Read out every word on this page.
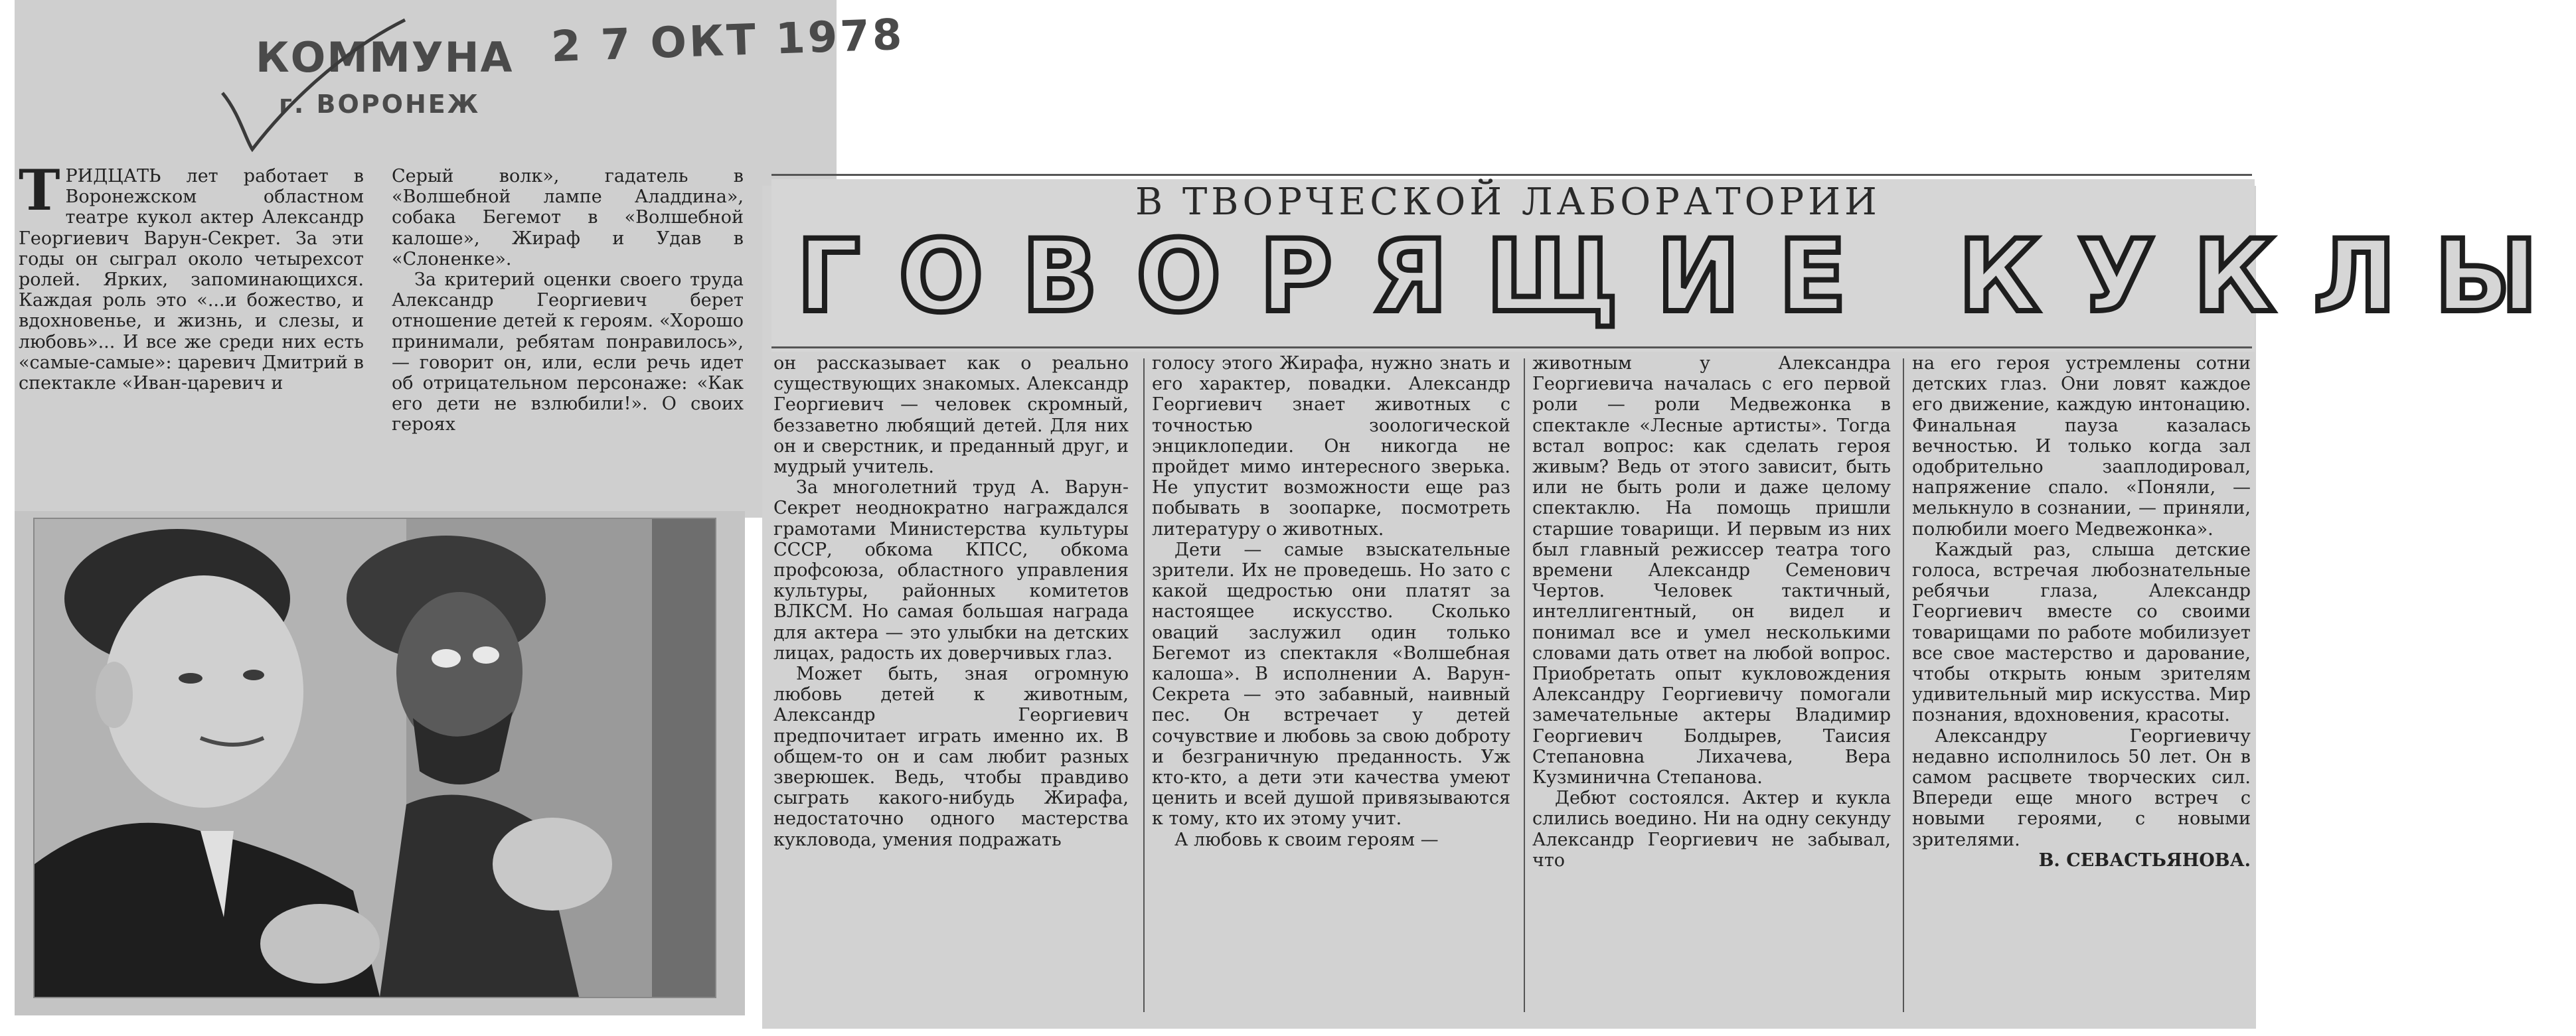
КОММУНА
г. ВОРОНЕЖ
2 7 ОКТ 1978
В ТВОРЧЕСКОЙ ЛАБОРАТОРИИ
ГОВОРЯЩИЕ КУКЛЫ

ТРИДЦАТЬ лет работает в Воронежском областном театре кукол актер Александр Георгиевич Варун-Секрет. За эти годы он сыграл около четырехсот ролей. Ярких, запоминающихся. Каждая роль это «...и божество, и вдохновенье, и жизнь, и слезы, и любовь»... И все же среди них есть «самые-самые»: царевич Дмитрий в спектакле «Иван-царевич и

Серый волк», гадатель в «Волшебной лампе Аладдина», собака Бегемот в «Волшебной калоше», Жираф и Удав в «Слоненке».

За критерий оценки своего труда Александр Георгиевич берет отношение детей к героям. «Хорошо принимали, ребятам понравилось», — говорит он, или, если речь идет об отрицательном персонаже: «Как его дети не взлюбили!». О своих героях

он рассказывает как о реально существующих знакомых. Александр Георгиевич — человек скромный, беззаветно любящий детей. Для них он и сверстник, и преданный друг, и мудрый учитель.

За многолетний труд А. Варун-Секрет неоднократно награждался грамотами Министерства культуры СССР, обкома КПСС, обкома профсоюза, областного управления культуры, районных комитетов ВЛКСМ. Но самая большая награда для актера — это улыбки на детских лицах, радость их доверчивых глаз.

Может быть, зная огромную любовь детей к животным, Александр Георгиевич предпочитает играть именно их. В общем-то он и сам любит разных зверюшек. Ведь, чтобы правдиво сыграть какого-нибудь Жирафа, недостаточно одного мастерства кукловода, умения подражать

голосу этого Жирафа, нужно знать и его характер, повадки. Александр Георгиевич знает животных с точностью зоологической энциклопедии. Он никогда не пройдет мимо интересного зверька. Не упустит возможности еще раз побывать в зоопарке, посмотреть литературу о животных.

Дети — самые взыскательные зрители. Их не проведешь. Но зато с какой щедростью они платят за настоящее искусство. Сколько оваций заслужил один только Бегемот из спектакля «Волшебная калоша». В исполнении А. Варун-Секрета — это забавный, наивный пес. Он встречает у детей сочувствие и любовь за свою доброту и безграничную преданность. Уж кто-кто, а дети эти качества умеют ценить и всей душой привязываются к тому, кто их этому учит.

А любовь к своим героям —

животным у Александра Георгиевича началась с его первой роли — роли Медвежонка в спектакле «Лесные артисты». Тогда встал вопрос: как сделать героя живым? Ведь от этого зависит, быть или не быть роли и даже целому спектаклю. На помощь пришли старшие товарищи. И первым из них был главный режиссер театра того времени Александр Семенович Чертов. Человек тактичный, интеллигентный, он видел и понимал все и умел несколькими словами дать ответ на любой вопрос. Приобретать опыт кукловождения Александру Георгиевичу помогали замечательные актеры Владимир Георгиевич Болдырев, Таисия Степановна Лихачева, Вера Кузминична Степанова.

Дебют состоялся. Актер и кукла слились воедино. Ни на одну секунду Александр Георгиевич не забывал, что

на его героя устремлены сотни детских глаз. Они ловят каждое его движение, каждую интонацию. Финальная пауза казалась вечностью. И только когда зал одобрительно зааплодировал, напряжение спало. «Поняли, — мелькнуло в сознании, — приняли, полюбили моего Медвежонка».

Каждый раз, слыша детские голоса, встречая любознательные ребячьи глаза, Александр Георгиевич вместе со своими товарищами по работе мобилизует все свое мастерство и дарование, чтобы открыть юным зрителям удивительный мир искусства. Мир познания, вдохновения, красоты.

Александру Георгиевичу недавно исполнилось 50 лет. Он в самом расцвете творческих сил. Впереди еще много встреч с новыми героями, с новыми зрителями.

В. СЕВАСТЬЯНОВА.
